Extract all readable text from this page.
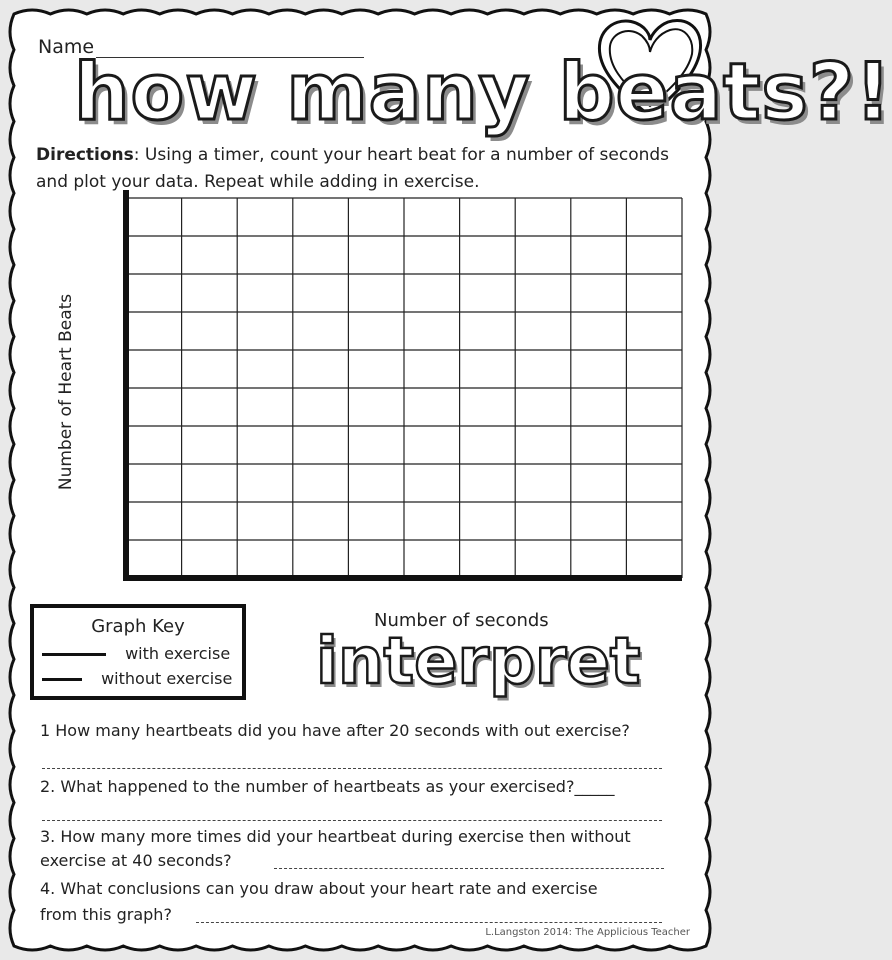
Name
how many beats?!
Directions: Using a timer, count your heart beat for a number of seconds and plot your data. Repeat while adding in exercise.
Number of Heart Beats
Graph Key
with exercise
without exercise
Number of seconds
interpret
1 How many heartbeats did you have after 20 seconds with out exercise?
2. What happened to the number of heartbeats as your exercised?_____
3. How many more times did your heartbeat during exercise then without
exercise at 40 seconds?
4. What conclusions can you draw about your heart rate and exercise
from this graph?
L.Langston 2014: The Applicious Teacher
